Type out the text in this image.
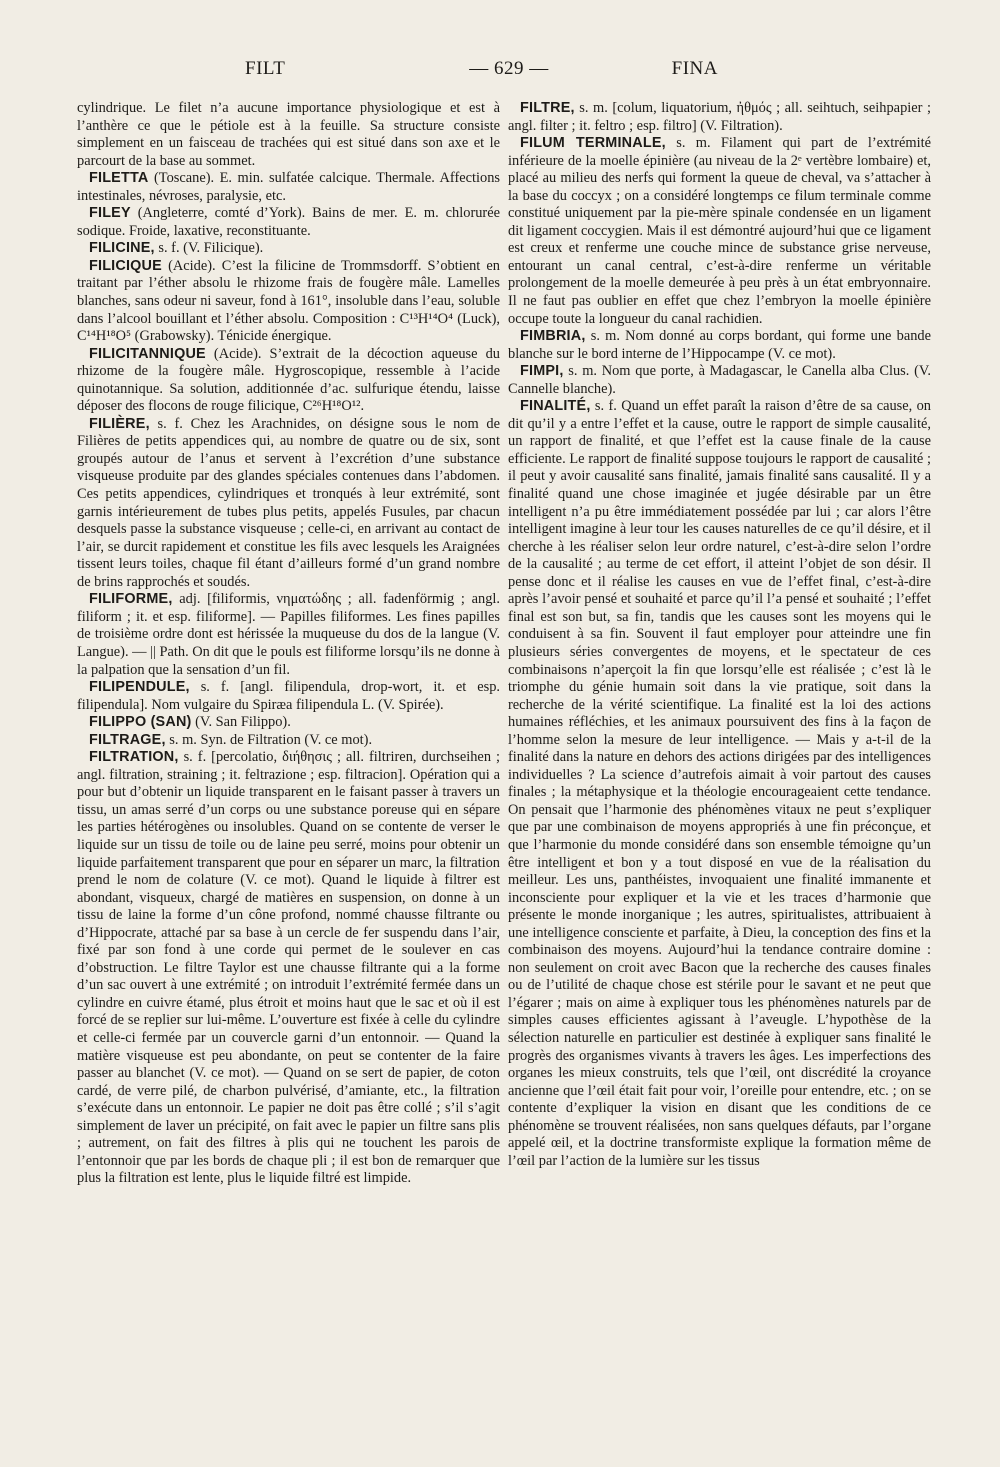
FILT	— 629 —	FINA

cylindrique. Le filet n’a aucune importance physiologique et est à l’anthère ce que le pétiole est à la feuille. Sa structure consiste simplement en un faisceau de trachées qui est situé dans son axe et le parcourt de la base au sommet.

FILETTA (Toscane). E. min. sulfatée calcique. Thermale. Affections intestinales, névroses, paralysie, etc.

FILEY (Angleterre, comté d’York). Bains de mer. E. m. chlorurée sodique. Froide, laxative, reconstituante.

FILICINE, s. f. (V. Filicique).

FILICIQUE (Acide). C’est la filicine de Trommsdorff. S’obtient en traitant par l’éther absolu le rhizome frais de fougère mâle. Lamelles blanches, sans odeur ni saveur, fond à 161°, insoluble dans l’eau, soluble dans l’alcool bouillant et l’éther absolu. Composition : C¹³H¹⁴O⁴ (Luck), C¹⁴H¹⁸O⁵ (Grabowsky). Ténicide énergique.

FILICITANNIQUE (Acide). S’extrait de la décoction aqueuse du rhizome de la fougère mâle. Hygroscopique, ressemble à l’acide quinotannique. Sa solution, additionnée d’ac. sulfurique étendu, laisse déposer des flocons de rouge filicique, C²⁶H¹⁸O¹².

FILIÈRE, s. f. Chez les Arachnides, on désigne sous le nom de Filières de petits appendices qui, au nombre de quatre ou de six, sont groupés autour de l’anus et servent à l’excrétion d’une substance visqueuse produite par des glandes spéciales contenues dans l’abdomen. Ces petits appendices, cylindriques et tronqués à leur extrémité, sont garnis intérieurement de tubes plus petits, appelés Fusules, par chacun desquels passe la substance visqueuse ; celle-ci, en arrivant au contact de l’air, se durcit rapidement et constitue les fils avec lesquels les Araignées tissent leurs toiles, chaque fil étant d’ailleurs formé d’un grand nombre de brins rapprochés et soudés.

FILIFORME, adj. [filiformis, νηματώδης ; all. fadenförmig ; angl. filiform ; it. et esp. filiforme]. — Papilles filiformes. Les fines papilles de troisième ordre dont est hérissée la muqueuse du dos de la langue (V. Langue). — || Path. On dit que le pouls est filiforme lorsqu’ils ne donne à la palpation que la sensation d’un fil.

FILIPENDULE, s. f. [angl. filipendula, drop-wort, it. et esp. filipendula]. Nom vulgaire du Spiræa filipendula L. (V. Spirée).

FILIPPO (SAN) (V. San Filippo).

FILTRAGE, s. m. Syn. de Filtration (V. ce mot).

FILTRATION, s. f. [percolatio, διήθησις ; all. filtriren, durchseihen ; angl. filtration, straining ; it. feltrazione ; esp. filtracion]. Opération qui a pour but d’obtenir un liquide transparent en le faisant passer à travers un tissu, un amas serré d’un corps ou une substance poreuse qui en sépare les parties hétérogènes ou insolubles. Quand on se contente de verser le liquide sur un tissu de toile ou de laine peu serré, moins pour obtenir un liquide parfaitement transparent que pour en séparer un marc, la filtration prend le nom de colature (V. ce mot). Quand le liquide à filtrer est abondant, visqueux, chargé de matières en suspension, on donne à un tissu de laine la forme d’un cône profond, nommé chausse filtrante ou d’Hippocrate, attaché par sa base à un cercle de fer suspendu dans l’air, fixé par son fond à une corde qui permet de le soulever en cas d’obstruction. Le filtre Taylor est une chausse filtrante qui a la forme d’un sac ouvert à une extrémité ; on introduit l’extrémité fermée dans un cylindre en cuivre étamé, plus étroit et moins haut que le sac et où il est forcé de se replier sur lui-même. L’ouverture est fixée à celle du cylindre et celle-ci fermée par un couvercle garni d’un entonnoir. — Quand la matière visqueuse est peu abondante, on peut se contenter de la faire passer au blanchet (V. ce mot). — Quand on se sert de papier, de coton cardé, de verre pilé, de charbon pulvérisé, d’amiante, etc., la filtration s’exécute dans un entonnoir. Le papier ne doit pas être collé ; s’il s’agit simplement de laver un précipité, on fait avec le papier un filtre sans plis ; autrement, on fait des filtres à plis qui ne touchent les parois de l’entonnoir que par les bords de chaque pli ; il est bon de remarquer que plus la filtration est lente, plus le liquide filtré est limpide.

FILTRE, s. m. [colum, liquatorium, ἠθμός ; all. seihtuch, seihpapier ; angl. filter ; it. feltro ; esp. filtro] (V. Filtration).

FILUM TERMINALE, s. m. Filament qui part de l’extrémité inférieure de la moelle épinière (au niveau de la 2ᵉ vertèbre lombaire) et, placé au milieu des nerfs qui forment la queue de cheval, va s’attacher à la base du coccyx ; on a considéré longtemps ce filum terminale comme constitué uniquement par la pie-mère spinale condensée en un ligament dit ligament coccygien. Mais il est démontré aujourd’hui que ce ligament est creux et renferme une couche mince de substance grise nerveuse, entourant un canal central, c’est-à-dire renferme un véritable prolongement de la moelle demeurée à peu près à un état embryonnaire. Il ne faut pas oublier en effet que chez l’embryon la moelle épinière occupe toute la longueur du canal rachidien.

FIMBRIA, s. m. Nom donné au corps bordant, qui forme une bande blanche sur le bord interne de l’Hippocampe (V. ce mot).

FIMPI, s. m. Nom que porte, à Madagascar, le Canella alba Clus. (V. Cannelle blanche).

FINALITÉ, s. f. Quand un effet paraît la raison d’être de sa cause, on dit qu’il y a entre l’effet et la cause, outre le rapport de simple causalité, un rapport de finalité, et que l’effet est la cause finale de la cause efficiente. Le rapport de finalité suppose toujours le rapport de causalité ; il peut y avoir causalité sans finalité, jamais finalité sans causalité. Il y a finalité quand une chose imaginée et jugée désirable par un être intelligent n’a pu être immédiatement possédée par lui ; car alors l’être intelligent imagine à leur tour les causes naturelles de ce qu’il désire, et il cherche à les réaliser selon leur ordre naturel, c’est-à-dire selon l’ordre de la causalité ; au terme de cet effort, il atteint l’objet de son désir. Il pense donc et il réalise les causes en vue de l’effet final, c’est-à-dire après l’avoir pensé et souhaité et parce qu’il l’a pensé et souhaité ; l’effet final est son but, sa fin, tandis que les causes sont les moyens qui le conduisent à sa fin. Souvent il faut employer pour atteindre une fin plusieurs séries convergentes de moyens, et le spectateur de ces combinaisons n’aperçoit la fin que lorsqu’elle est réalisée ; c’est là le triomphe du génie humain soit dans la vie pratique, soit dans la recherche de la vérité scientifique. La finalité est la loi des actions humaines réfléchies, et les animaux poursuivent des fins à la façon de l’homme selon la mesure de leur intelligence. — Mais y a-t-il de la finalité dans la nature en dehors des actions dirigées par des intelligences individuelles ? La science d’autrefois aimait à voir partout des causes finales ; la métaphysique et la théologie encourageaient cette tendance. On pensait que l’harmonie des phénomènes vitaux ne peut s’expliquer que par une combinaison de moyens appropriés à une fin préconçue, et que l’harmonie du monde considéré dans son ensemble témoigne qu’un être intelligent et bon y a tout disposé en vue de la réalisation du meilleur. Les uns, panthéistes, invoquaient une finalité immanente et inconsciente pour expliquer et la vie et les traces d’harmonie que présente le monde inorganique ; les autres, spiritualistes, attribuaient à une intelligence consciente et parfaite, à Dieu, la conception des fins et la combinaison des moyens. Aujourd’hui la tendance contraire domine : non seulement on croit avec Bacon que la recherche des causes finales ou de l’utilité de chaque chose est stérile pour le savant et ne peut que l’égarer ; mais on aime à expliquer tous les phénomènes naturels par de simples causes efficientes agissant à l’aveugle. L’hypothèse de la sélection naturelle en particulier est destinée à expliquer sans finalité le progrès des organismes vivants à travers les âges. Les imperfections des organes les mieux construits, tels que l’œil, ont discrédité la croyance ancienne que l’œil était fait pour voir, l’oreille pour entendre, etc. ; on se contente d’expliquer la vision en disant que les conditions de ce phénomène se trouvent réalisées, non sans quelques défauts, par l’organe appelé œil, et la doctrine transformiste explique la formation même de l’œil par l’action de la lumière sur les tissus
